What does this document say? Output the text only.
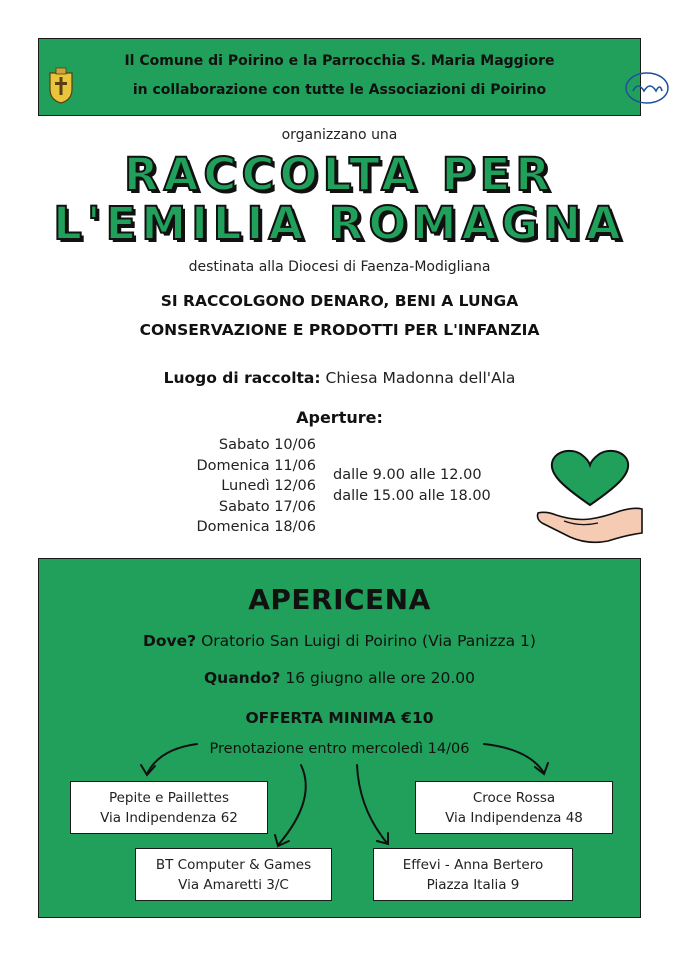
Il Comune di Poirino e la Parrocchia S. Maria Maggiore
in collaborazione con tutte le Associazioni di Poirino
organizzano una
RACCOLTA PER
L'EMILIA ROMAGNA
destinata alla Diocesi di Faenza-Modigliana
SI RACCOLGONO DENARO, BENI A LUNGA
CONSERVAZIONE E PRODOTTI PER L'INFANZIA
Luogo di raccolta: Chiesa Madonna dell'Ala
Aperture:
Sabato 10/06
Domenica 11/06
Lunedì 12/06
Sabato 17/06
Domenica 18/06
dalle 9.00 alle 12.00
dalle 15.00 alle 18.00
APERICENA
Dove? Oratorio San Luigi di Poirino (Via Panizza 1)
Quando? 16 giugno alle ore 20.00
OFFERTA MINIMA €10
Prenotazione entro mercoledì 14/06
Pepite e Paillettes
Via Indipendenza 62
Croce Rossa
Via Indipendenza 48
BT Computer & Games
Via Amaretti 3/C
Effevi - Anna Bertero
Piazza Italia 9
